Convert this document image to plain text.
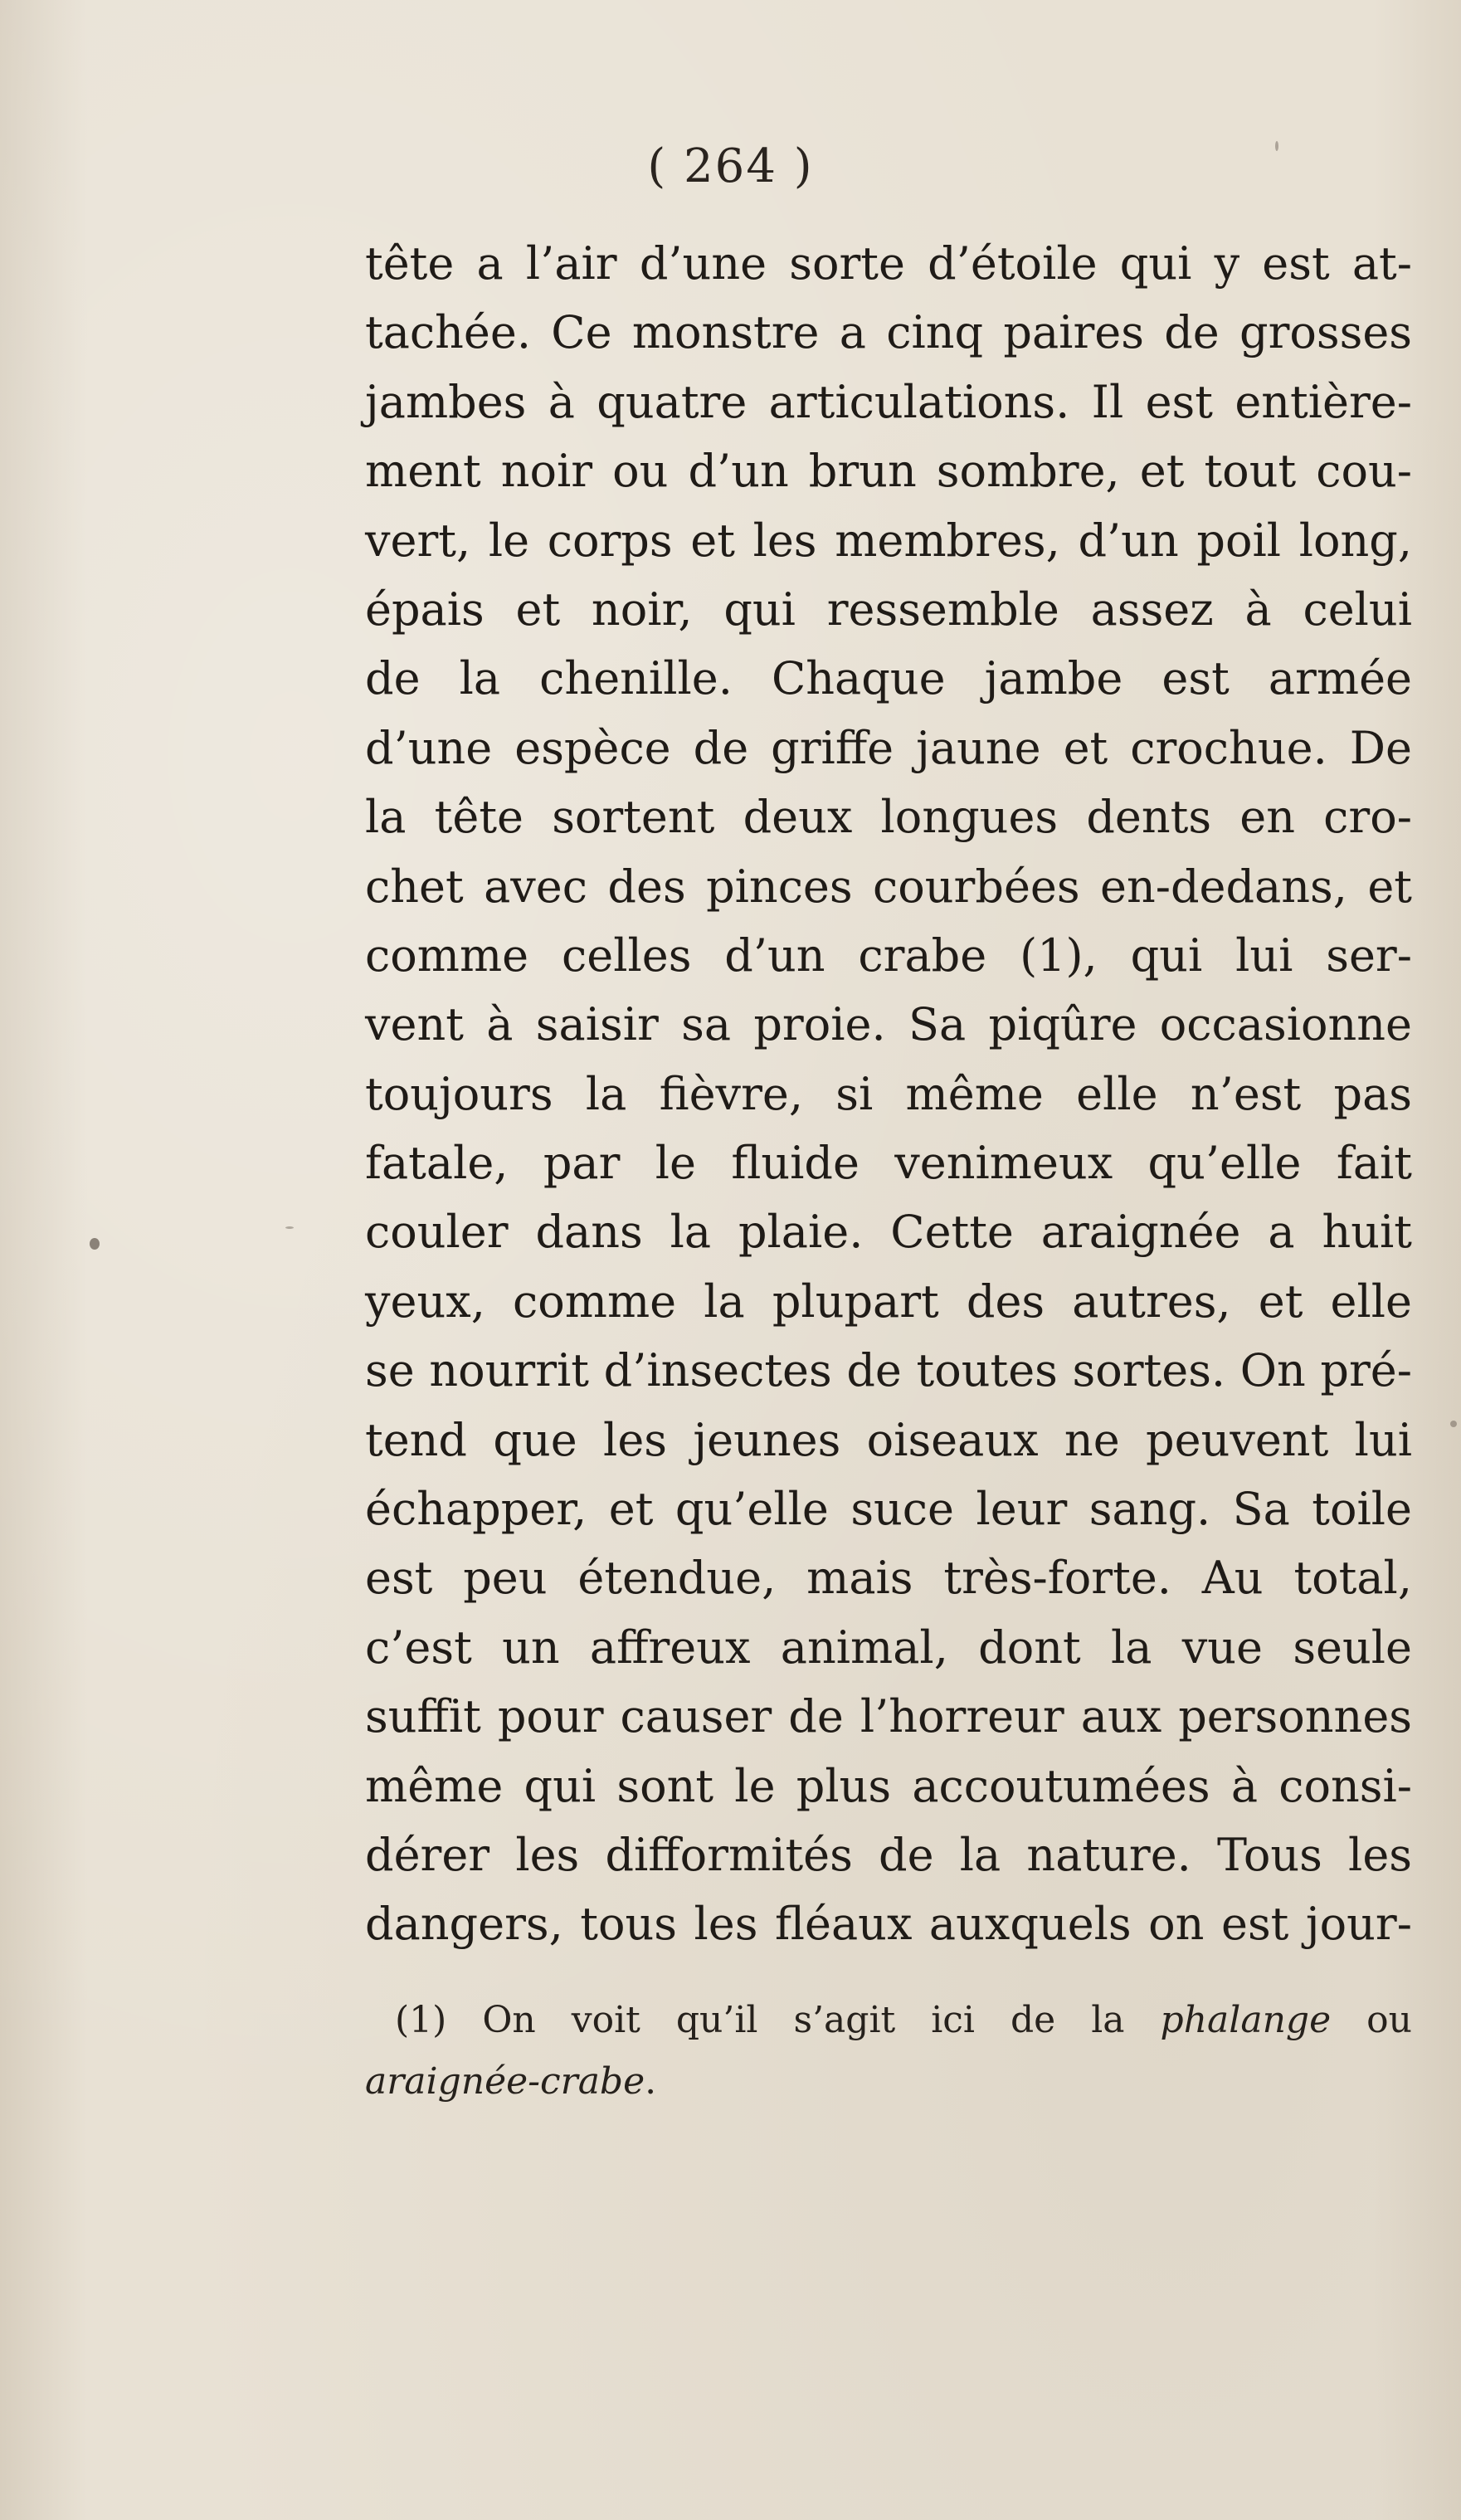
( 264 )
tête a l’air d’une sorte d’étoile qui y est at-
tachée. Ce monstre a cinq paires de grosses
jambes à quatre articulations. Il est entière-
ment noir ou d’un brun sombre, et tout cou-
vert, le corps et les membres, d’un poil long,
épais et noir, qui ressemble assez à celui
de la chenille. Chaque jambe est armée
d’une espèce de griffe jaune et crochue. De
la tête sortent deux longues dents en cro-
chet avec des pinces courbées en-dedans, et
comme celles d’un crabe (1), qui lui ser-
vent à saisir sa proie. Sa piqûre occasionne
toujours la fièvre, si même elle n’est pas
fatale, par le fluide venimeux qu’elle fait
couler dans la plaie. Cette araignée a huit
yeux, comme la plupart des autres, et elle
se nourrit d’insectes de toutes sortes. On pré-
tend que les jeunes oiseaux ne peuvent lui
échapper, et qu’elle suce leur sang. Sa toile
est peu étendue, mais très-forte. Au total,
c’est un affreux animal, dont la vue seule
suffit pour causer de l’horreur aux personnes
même qui sont le plus accoutumées à consi-
dérer les difformités de la nature. Tous les
dangers, tous les fléaux auxquels on est jour-
(1) On voit qu’il s’agit ici de la phalange ou
araignée-crabe.
